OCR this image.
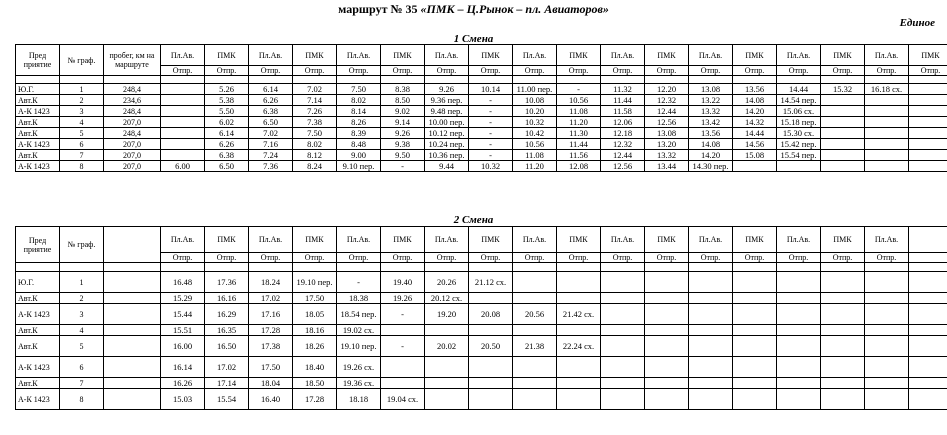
маршрут № 35 «ПМК – Ц.Рынок – пл. Авиаторов»
Единое
1 Смена
Пред приятие	№ граф.	пробег, км на маршруте	Пл.Ав.	ПМК	Пл.Ав.	ПМК	Пл.Ав.	ПМК	Пл.Ав.	ПМК	Пл.Ав.	ПМК	Пл.Ав.	ПМК	Пл.Ав.	ПМК	Пл.Ав.	ПМК	Пл.Ав.	ПМК
			Отпр.	Отпр.	Отпр.	Отпр.	Отпр.	Отпр.	Отпр.	Отпр.	Отпр.	Отпр.	Отпр.	Отпр.	Отпр.	Отпр.	Отпр.	Отпр.	Отпр.	Отпр.

Ю.Г.	1	248,4		5.26	6.14	7.02	7.50	8.38	9.26	10.14	11.00 пер.	-	11.32	12.20	13.08	13.56	14.44	15.32	16.18 сх.	
Авт.К	2	234,6		5.38	6.26	7.14	8.02	8.50	9.36 пер.	-	10.08	10.56	11.44	12.32	13.22	14.08	14.54 пер.			
А-К 1423	3	248,4		5.50	6.38	7.26	8.14	9.02	9.48 пер.	-	10.20	11.08	11.58	12.44	13.32	14.20	15.06 сх.			
Авт.К	4	207,0		6.02	6.50	7.38	8.26	9.14	10.00 пер.	-	10.32	11.20	12.06	12.56	13.42	14.32	15.18 пер.			
Авт.К	5	248,4		6.14	7.02	7.50	8.39	9.26	10.12 пер.	-	10.42	11.30	12.18	13.08	13.56	14.44	15.30 сх.			
А-К 1423	6	207,0		6.26	7.16	8.02	8.48	9.38	10.24 пер.	-	10.56	11.44	12.32	13.20	14.08	14.56	15.42 пер.			
Авт.К	7	207,0		6.38	7.24	8.12	9.00	9.50	10.36 пер.	-	11.08	11.56	12.44	13.32	14.20	15.08	15.54 пер.			
А-К 1423	8	207,0	6.00	6.50	7.36	8.24	9.10 пер.	-	9.44	10.32	11.20	12.08	12.56	13.44	14.30 пер.					
2 Смена
Пред приятие	№ граф.		Пл.Ав.	ПМК	Пл.Ав.	ПМК	Пл.Ав.	ПМК	Пл.Ав.	ПМК	Пл.Ав.	ПМК	Пл.Ав.	ПМК	Пл.Ав.	ПМК	Пл.Ав.	ПМК	Пл.Ав.	
			Отпр.	Отпр.	Отпр.	Отпр.	Отпр.	Отпр.	Отпр.	Отпр.	Отпр.	Отпр.	Отпр.	Отпр.	Отпр.	Отпр.	Отпр.	Отпр.	Отпр.	

Ю.Г.	1		16.48	17.36	18.24	19.10 пер.	-	19.40	20.26	21.12 сх.										
Авт.К	2		15.29	16.16	17.02	17.50	18.38	19.26	20.12 сх.											
А-К 1423	3		15.44	16.29	17.16	18.05	18.54 пер.	-	19.20	20.08	20.56	21.42 сх.								
Авт.К	4		15.51	16.35	17.28	18.16	19.02 сх.													
Авт.К	5		16.00	16.50	17.38	18.26	19.10 пер.	-	20.02	20.50	21.38	22.24 сх.								
А-К 1423	6		16.14	17.02	17.50	18.40	19.26 сх.													
Авт.К	7		16.26	17.14	18.04	18.50	19.36 сх.													
А-К 1423	8		15.03	15.54	16.40	17.28	18.18	19.04 сх.												
